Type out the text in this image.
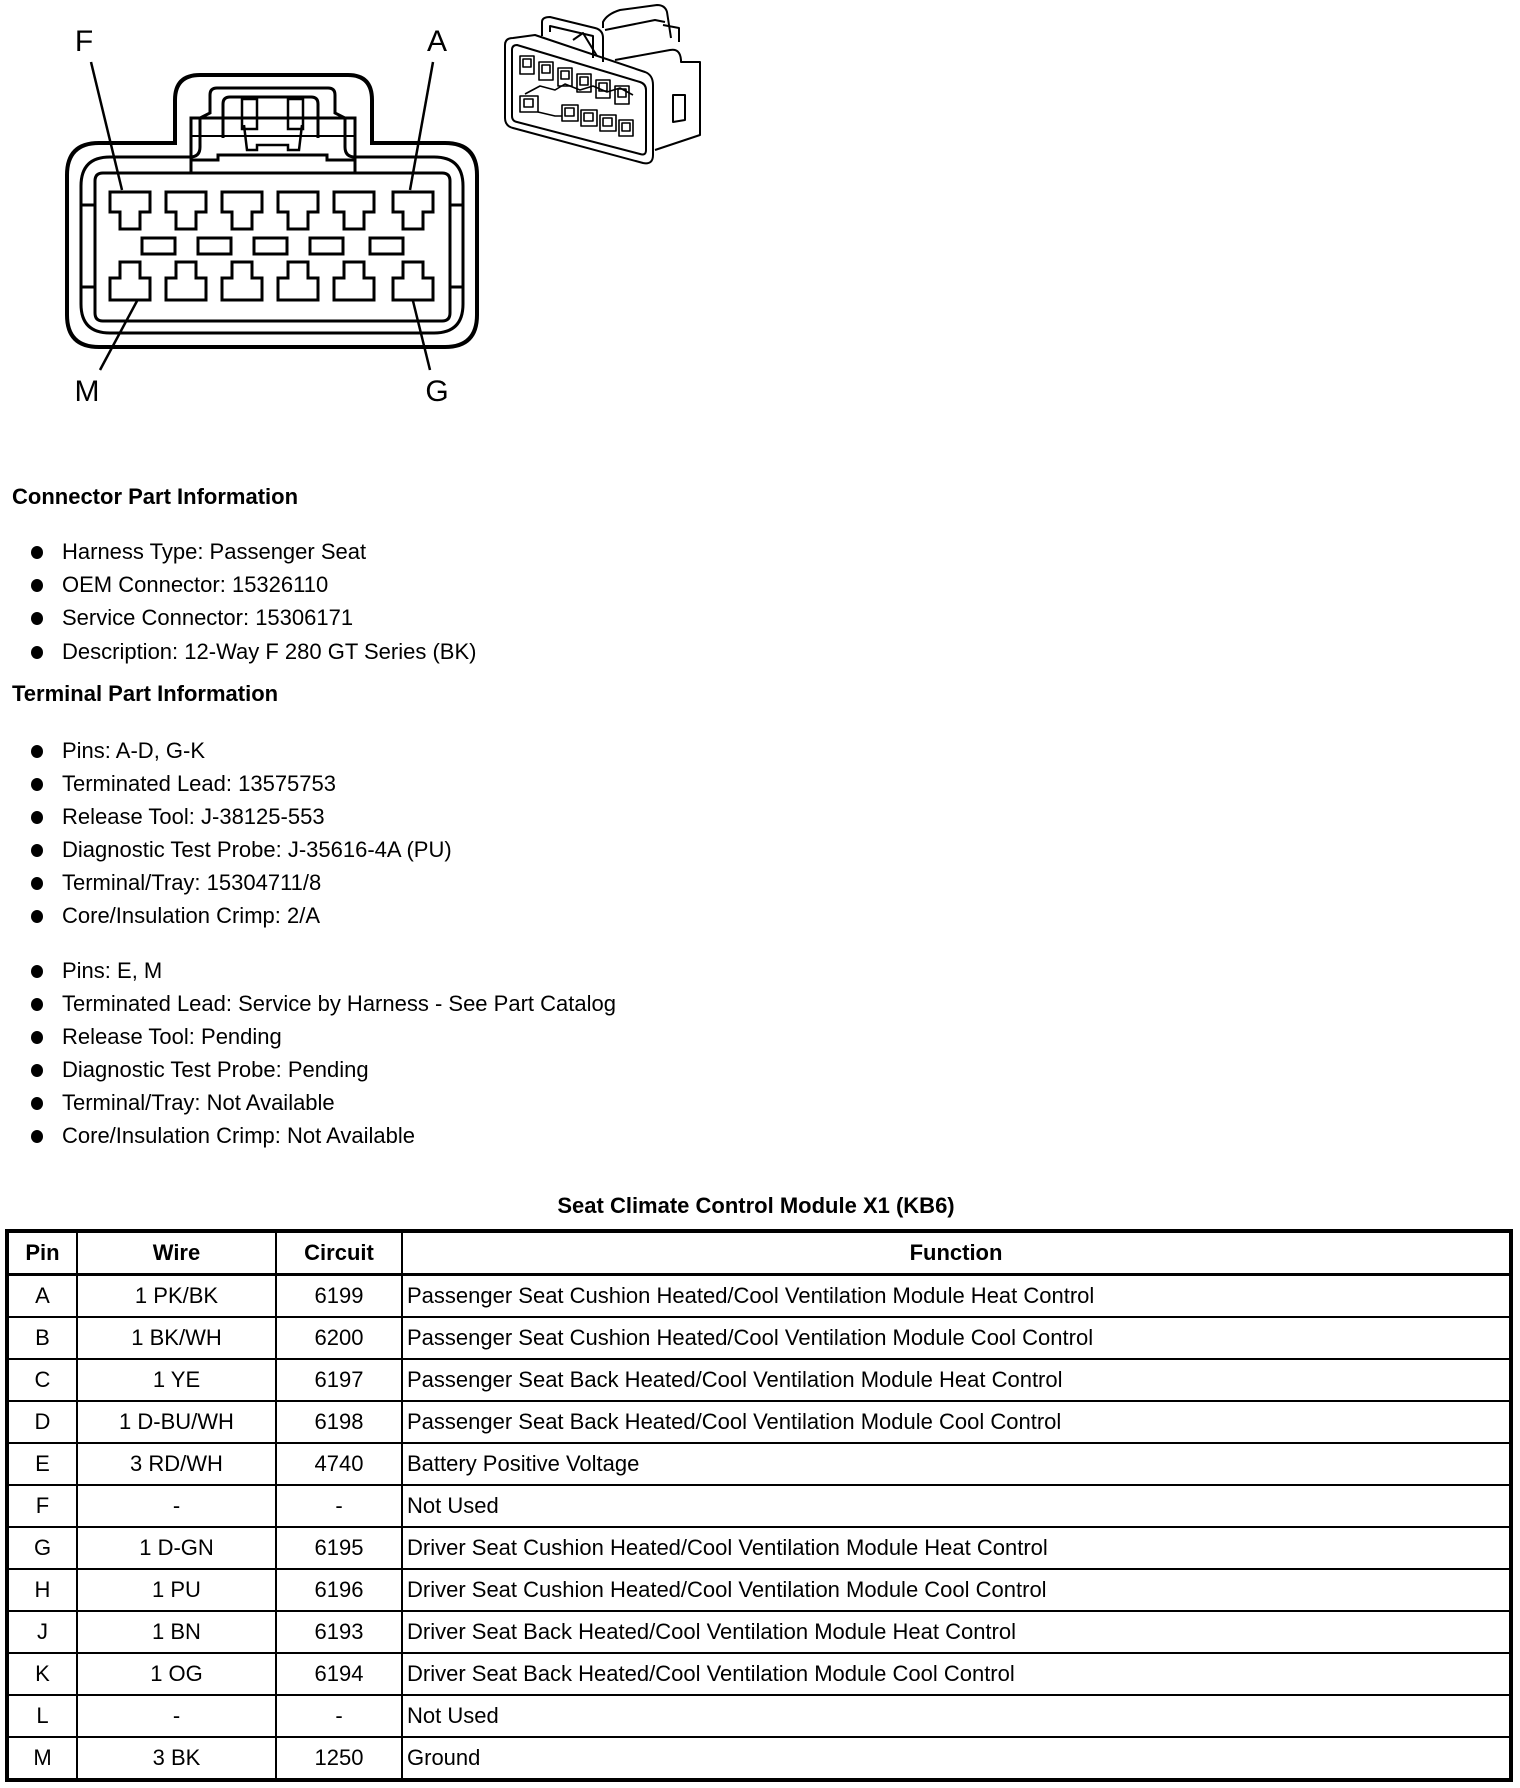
F	A
M	G
Connector Part Information
Harness Type: Passenger Seat
OEM Connector: 15326110
Service Connector: 15306171
Description: 12-Way F 280 GT Series (BK)
Terminal Part Information
Pins: A-D, G-K
Terminated Lead: 13575753
Release Tool: J-38125-553
Diagnostic Test Probe: J-35616-4A (PU)
Terminal/Tray: 15304711/8
Core/Insulation Crimp: 2/A
Pins: E, M
Terminated Lead: Service by Harness - See Part Catalog
Release Tool: Pending
Diagnostic Test Probe: Pending
Terminal/Tray: Not Available
Core/Insulation Crimp: Not Available
Seat Climate Control Module X1 (KB6)
Pin	Wire	Circuit	Function
A	1 PK/BK	6199	Passenger Seat Cushion Heated/Cool Ventilation Module Heat Control
B	1 BK/WH	6200	Passenger Seat Cushion Heated/Cool Ventilation Module Cool Control
C	1 YE	6197	Passenger Seat Back Heated/Cool Ventilation Module Heat Control
D	1 D-BU/WH	6198	Passenger Seat Back Heated/Cool Ventilation Module Cool Control
E	3 RD/WH	4740	Battery Positive Voltage
F	-	-	Not Used
G	1 D-GN	6195	Driver Seat Cushion Heated/Cool Ventilation Module Heat Control
H	1 PU	6196	Driver Seat Cushion Heated/Cool Ventilation Module Cool Control
J	1 BN	6193	Driver Seat Back Heated/Cool Ventilation Module Heat Control
K	1 OG	6194	Driver Seat Back Heated/Cool Ventilation Module Cool Control
L	-	-	Not Used
M	3 BK	1250	Ground
